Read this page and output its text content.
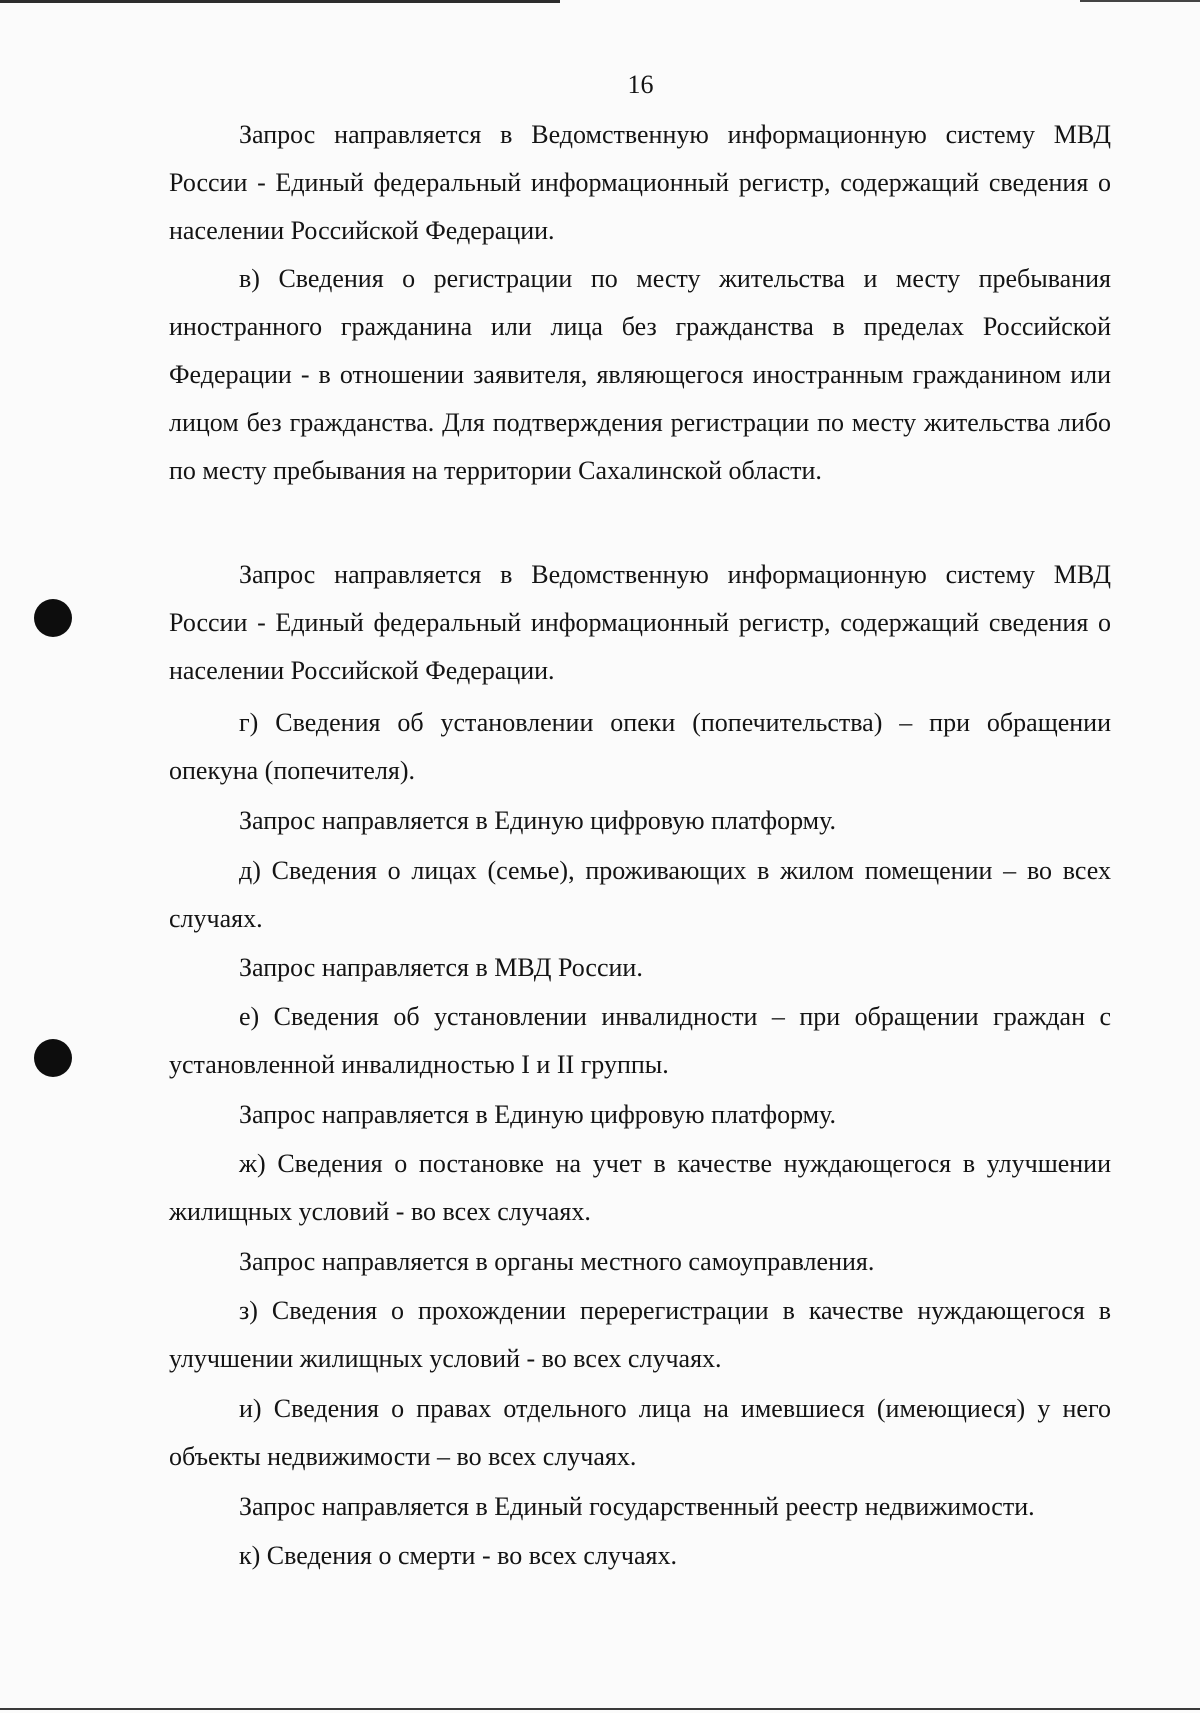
16

Запрос направляется в Ведомственную информационную систему МВД России - Единый федеральный информационный регистр, содержащий сведения о населении Российской Федерации.

в) Сведения о регистрации по месту жительства и месту пребывания иностранного гражданина или лица без гражданства в пределах Российской Федерации - в отношении заявителя, являющегося иностранным гражданином или лицом без гражданства. Для подтверждения регистрации по месту жительства либо по месту пребывания на территории Сахалинской области.

Запрос направляется в Ведомственную информационную систему МВД России - Единый федеральный информационный регистр, содержащий сведения о населении Российской Федерации.

г) Сведения об установлении опеки (попечительства) – при обращении опекуна (попечителя).

Запрос направляется в Единую цифровую платформу.

д) Сведения о лицах (семье), проживающих в жилом помещении – во всех случаях.

Запрос направляется в МВД России.

е) Сведения об установлении инвалидности – при обращении граждан с установленной инвалидностью I и II группы.

Запрос направляется в Единую цифровую платформу.

ж) Сведения о постановке на учет в качестве нуждающегося в улучшении жилищных условий - во всех случаях.

Запрос направляется в органы местного самоуправления.

з) Сведения о прохождении перерегистрации в качестве нуждающегося в улучшении жилищных условий - во всех случаях.

и) Сведения о правах отдельного лица на имевшиеся (имеющиеся) у него объекты недвижимости – во всех случаях.

Запрос направляется в Единый государственный реестр недвижимости.

к) Сведения о смерти - во всех случаях.
